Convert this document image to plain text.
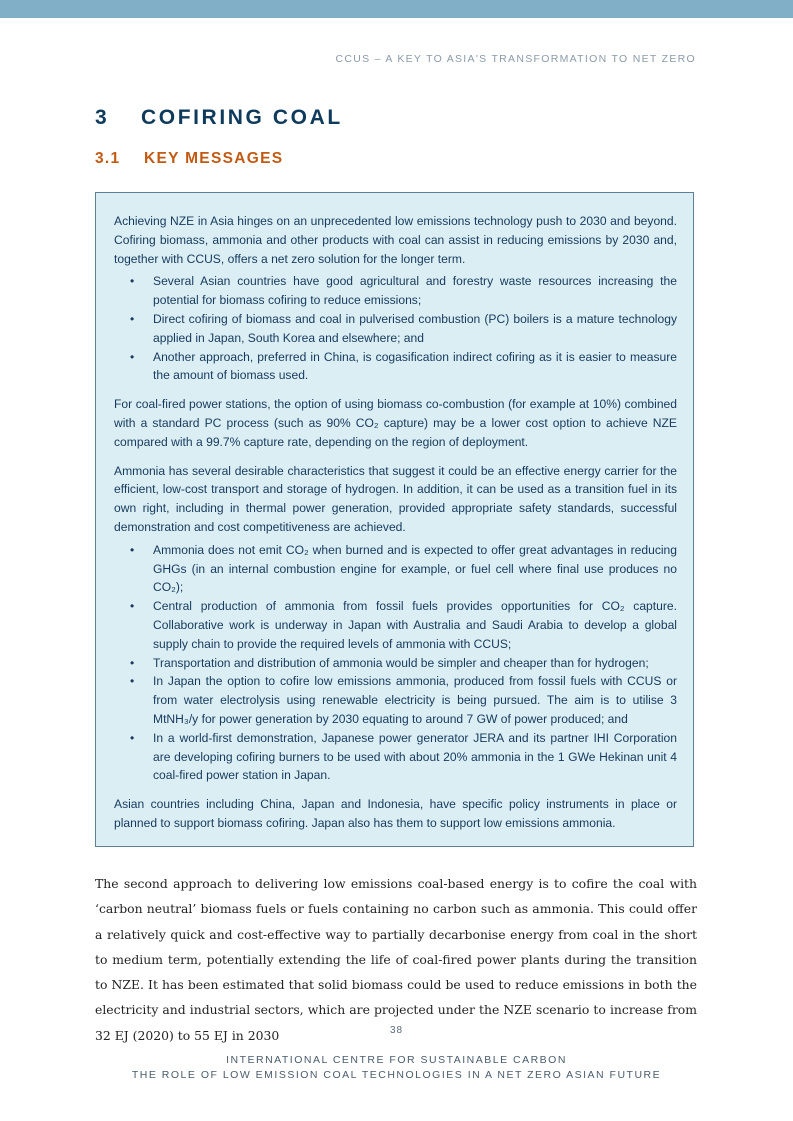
CCUS – A KEY TO ASIA'S TRANSFORMATION TO NET ZERO
3 COFIRING COAL
3.1 KEY MESSAGES

Achieving NZE in Asia hinges on an unprecedented low emissions technology push to 2030 and beyond. Cofiring biomass, ammonia and other products with coal can assist in reducing emissions by 2030 and, together with CCUS, offers a net zero solution for the longer term.

• Several Asian countries have good agricultural and forestry waste resources increasing the potential for biomass cofiring to reduce emissions;
• Direct cofiring of biomass and coal in pulverised combustion (PC) boilers is a mature technology applied in Japan, South Korea and elsewhere; and
• Another approach, preferred in China, is cogasification indirect cofiring as it is easier to measure the amount of biomass used.

For coal-fired power stations, the option of using biomass co-combustion (for example at 10%) combined with a standard PC process (such as 90% CO₂ capture) may be a lower cost option to achieve NZE compared with a 99.7% capture rate, depending on the region of deployment.

Ammonia has several desirable characteristics that suggest it could be an effective energy carrier for the efficient, low-cost transport and storage of hydrogen. In addition, it can be used as a transition fuel in its own right, including in thermal power generation, provided appropriate safety standards, successful demonstration and cost competitiveness are achieved.

• Ammonia does not emit CO₂ when burned and is expected to offer great advantages in reducing GHGs (in an internal combustion engine for example, or fuel cell where final use produces no CO₂);
• Central production of ammonia from fossil fuels provides opportunities for CO₂ capture. Collaborative work is underway in Japan with Australia and Saudi Arabia to develop a global supply chain to provide the required levels of ammonia with CCUS;
• Transportation and distribution of ammonia would be simpler and cheaper than for hydrogen;
• In Japan the option to cofire low emissions ammonia, produced from fossil fuels with CCUS or from water electrolysis using renewable electricity is being pursued. The aim is to utilise 3 MtNH₃/y for power generation by 2030 equating to around 7 GW of power produced; and
• In a world-first demonstration, Japanese power generator JERA and its partner IHI Corporation are developing cofiring burners to be used with about 20% ammonia in the 1 GWe Hekinan unit 4 coal-fired power station in Japan.

Asian countries including China, Japan and Indonesia, have specific policy instruments in place or planned to support biomass cofiring. Japan also has them to support low emissions ammonia.

The second approach to delivering low emissions coal-based energy is to cofire the coal with ‘carbon neutral’ biomass fuels or fuels containing no carbon such as ammonia. This could offer a relatively quick and cost-effective way to partially decarbonise energy from coal in the short to medium term, potentially extending the life of coal-fired power plants during the transition to NZE. It has been estimated that solid biomass could be used to reduce emissions in both the electricity and industrial sectors, which are projected under the NZE scenario to increase from 32 EJ (2020) to 55 EJ in 2030	38
INTERNATIONAL CENTRE FOR SUSTAINABLE CARBON
THE ROLE OF LOW EMISSION COAL TECHNOLOGIES IN A NET ZERO ASIAN FUTURE
